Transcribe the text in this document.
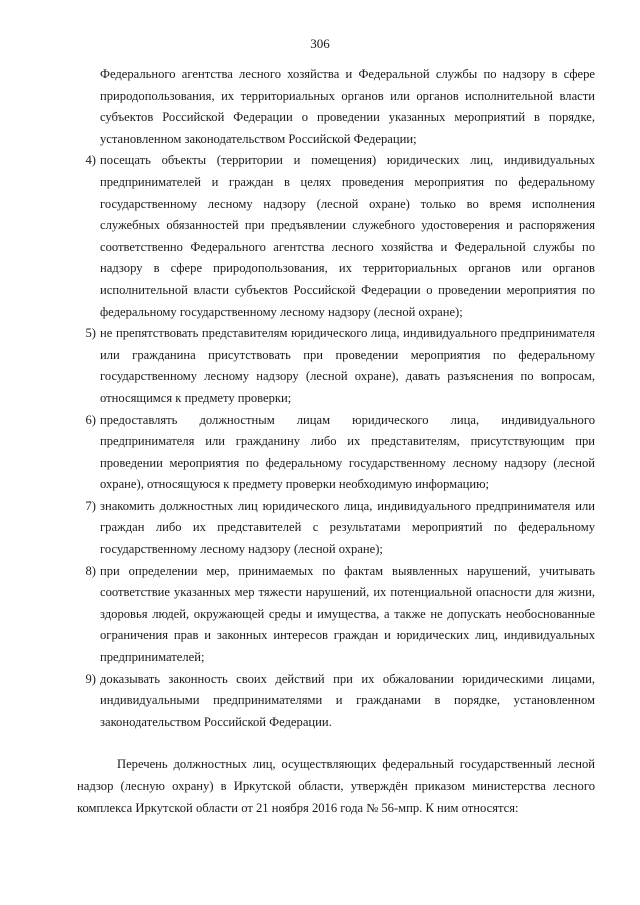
306
Федерального агентства лесного хозяйства и Федеральной службы по надзору в сфере природопользования, их территориальных органов или органов исполнительной власти субъектов Российской Федерации о проведении указанных мероприятий в порядке, установленном законодательством Российской Федерации;
4) посещать объекты (территории и помещения) юридических лиц, индивидуальных предпринимателей и граждан в целях проведения мероприятия по федеральному государственному лесному надзору (лесной охране) только во время исполнения служебных обязанностей при предъявлении служебного удостоверения и распоряжения соответственно Федерального агентства лесного хозяйства и Федеральной службы по надзору в сфере природопользования, их территориальных органов или органов исполнительной власти субъектов Российской Федерации о проведении мероприятия по федеральному государственному лесному надзору (лесной охране);
5) не препятствовать представителям юридического лица, индивидуального предпринимателя или гражданина присутствовать при проведении мероприятия по федеральному государственному лесному надзору (лесной охране), давать разъяснения по вопросам, относящимся к предмету проверки;
6) предоставлять должностным лицам юридического лица, индивидуального предпринимателя или гражданину либо их представителям, присутствующим при проведении мероприятия по федеральному государственному лесному надзору (лесной охране), относящуюся к предмету проверки необходимую информацию;
7) знакомить должностных лиц юридического лица, индивидуального предпринимателя или граждан либо их представителей с результатами мероприятий по федеральному государственному лесному надзору (лесной охране);
8) при определении мер, принимаемых по фактам выявленных нарушений, учитывать соответствие указанных мер тяжести нарушений, их потенциальной опасности для жизни, здоровья людей, окружающей среды и имущества, а также не допускать необоснованные ограничения прав и законных интересов граждан и юридических лиц, индивидуальных предпринимателей;
9) доказывать законность своих действий при их обжаловании юридическими лицами, индивидуальными предпринимателями и гражданами в порядке, установленном законодательством Российской Федерации.
Перечень должностных лиц, осуществляющих федеральный государственный лесной надзор (лесную охрану) в Иркутской области, утверждён приказом министерства лесного комплекса Иркутской области от 21 ноября 2016 года № 56-мпр. К ним относятся:
